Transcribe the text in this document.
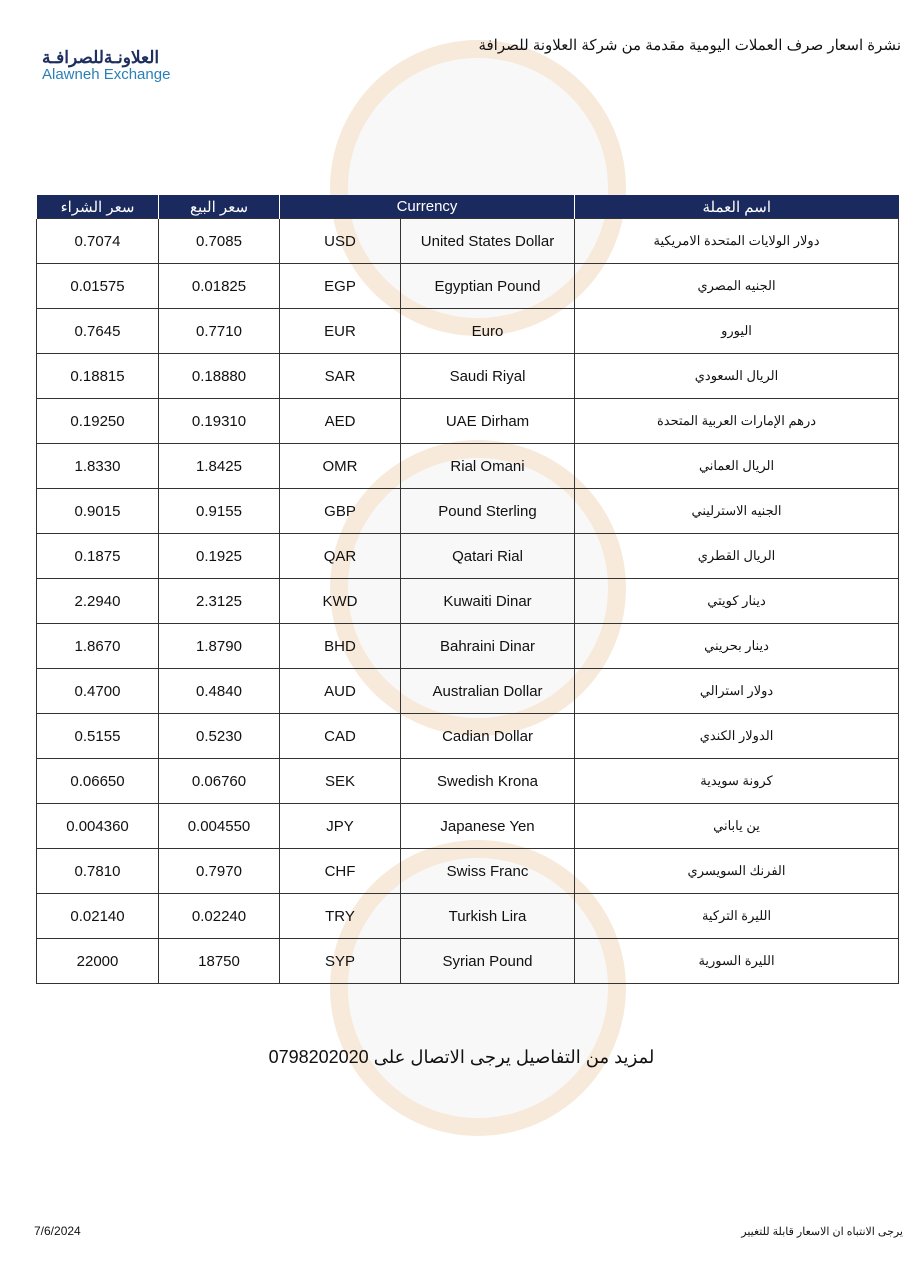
نشرة اسعار صرف العملات اليومية مقدمة من شركة العلاونة للصرافة
العلاونـةللصرافـة
Alawneh Exchange
سعر الشراء	سعر البيع	Currency		اسم العملة
0.7074	0.7085	USD	United States Dollar	دولار الولايات المتحدة الامريكية
0.01575	0.01825	EGP	Egyptian Pound	الجنيه المصري
0.7645	0.7710	EUR	Euro	اليورو
0.18815	0.18880	SAR	Saudi Riyal	الريال السعودي
0.19250	0.19310	AED	UAE Dirham	درهم الإمارات العربية المتحدة
1.8330	1.8425	OMR	Rial Omani	الريال العماني
0.9015	0.9155	GBP	Pound Sterling	الجنيه الاسترليني
0.1875	0.1925	QAR	Qatari Rial	الريال القطري
2.2940	2.3125	KWD	Kuwaiti Dinar	دينار كويتي
1.8670	1.8790	BHD	Bahraini Dinar	دينار بحريني
0.4700	0.4840	AUD	Australian Dollar	دولار استرالي
0.5155	0.5230	CAD	Cadian Dollar	الدولار الكندي
0.06650	0.06760	SEK	Swedish Krona	كرونة سويدية
0.004360	0.004550	JPY	Japanese Yen	ين ياباني
0.7810	0.7970	CHF	Swiss Franc	الفرنك السويسري
0.02140	0.02240	TRY	Turkish Lira	الليرة التركية
22000	18750	SYP	Syrian Pound	الليرة السورية
لمزيد من التفاصيل يرجى الاتصال على 0798202020
7/6/2024	يرجى الانتباه ان الاسعار قابلة للتغيير
